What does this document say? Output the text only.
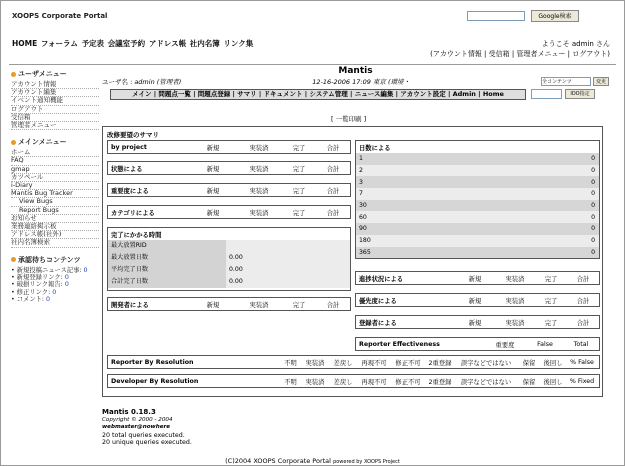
XOOPS Corporate Portal	Google検索
HOME フォーラム 予定表 会議室予約 アドレス帳 社内名簿 リンク集	ようこそ admin さん
(アカウント情報 | 受信箱 | 管理者メニュー | ログアウト)
ユーザメニュー
アカウント情報
アカウント編集
イベント通知機能
ログアウト
受信箱
管理者メニュー
メインメニュー
ホーム
FAQ
gmap
カツペール
i-Diary
Mantis Bug Tracker
View Bugs
Report Bugs
お知らせ
業務連絡掲示板
アドレス帳(社外)
社内名簿検索
承認待ちコンテンツ
• 新規投稿ニュース記事: 0
• 新規登録リンク: 0
• 破損リンク報告: 0
• 修正リンク: 0
• コメント: 0
Mantis
ユーザ名 : admin (管理者)	12-16-2006 17:09 東京 (環境・	全コンテンツ	変更
メイン | 問題点一覧 | 問題点登録 | サマリ | ドキュメント | システム管理 | ニュース編集 | アカウント設定 | Admin | Home	IDO指定
[ 一覧印刷 ]
改修要望のサマリ
by project	新規	実装済	完了	合計
状態による	新規	実装済	完了	合計
重要度による	新規	実装済	完了	合計
カテゴリによる	新規	実装済	完了	合計
完了にかかる時間
最大放置RID
最大放置日数	0.00
平均完了日数	0.00
合計完了日数	0.00
開発者による	新規	実装済	完了	合計
日数による
1	0
2	0
3	0
7	0
30	0
60	0
90	0
180	0
365	0
進捗状況による	新規	実装済	完了	合計
優先度による	新規	実装済	完了	合計
登録者による	新規	実装済	完了	合計
Reporter Effectiveness	重要度	False	Total
Reporter By Resolution	不明	実装済	差戻し	再現不可	修正不可	2重登録	誤字などではない	保留	後回し	% False
Developer By Resolution	不明	実装済	差戻し	再現不可	修正不可	2重登録	誤字などではない	保留	後回し	% Fixed
Mantis 0.18.3
Copyright © 2000 - 2004
webmaster@nowhere
20 total queries executed.
20 unique queries executed.
(C)2004 XOOPS Corporate Portal powered by XOOPS Project
